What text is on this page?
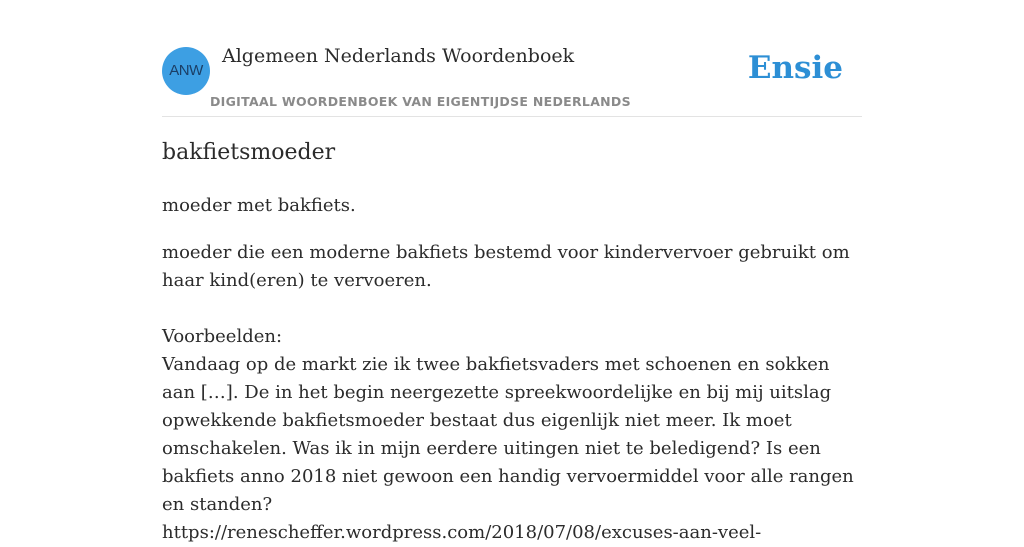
ANW
Algemeen Nederlands Woordenboek
DIGITAAL WOORDENBOEK VAN EIGENTIJDSE NEDERLANDS
Ensie
bakfietsmoeder

moeder met bakfiets.

moeder die een moderne bakfiets bestemd voor kindervervoer gebruikt om haar kind(eren) te vervoeren.

Voorbeelden:

Vandaag op de markt zie ik twee bakfietsvaders met schoenen en sokken aan […]. De in het begin neergezette spreekwoordelijke en bij mij uitslag opwekkende bakfietsmoeder bestaat dus eigenlijk niet meer. Ik moet omschakelen. Was ik in mijn eerdere uitingen niet te beledigend? Is een bakfiets anno 2018 niet gewoon een handig vervoermiddel voor alle rangen en standen?
https://renescheffer.wordpress.com/2018/07/08/excuses-aan-veel-
